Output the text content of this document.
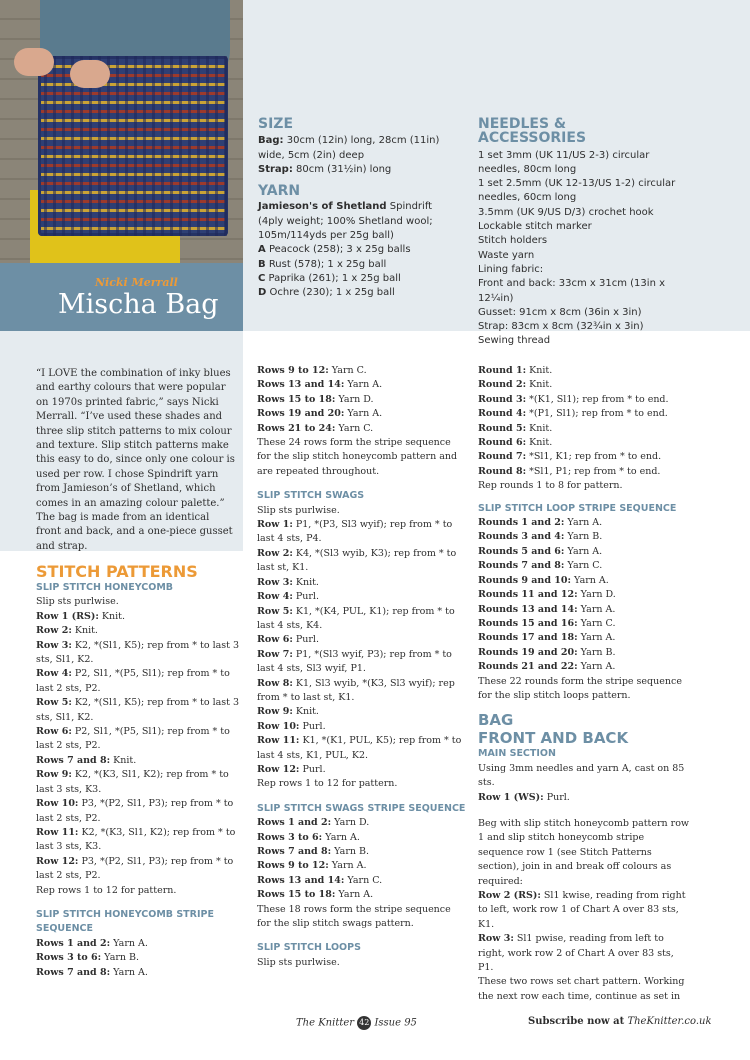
Nicki Merrall
Mischa Bag
SIZE
Bag: 30cm (12in) long, 28cm (11in) wide, 5cm (2in) deep
Strap: 80cm (31½in) long
YARN
Jamieson's of Shetland Spindrift (4ply weight; 100% Shetland wool; 105m/114yds per 25g ball)
A Peacock (258); 3 x 25g balls
B Rust (578); 1 x 25g ball
C Paprika (261); 1 x 25g ball
D Ochre (230); 1 x 25g ball
NEEDLES & ACCESSORIES
1 set 3mm (UK 11/US 2-3) circular needles, 80cm long
1 set 2.5mm (UK 12-13/US 1-2) circular needles, 60cm long
3.5mm (UK 9/US D/3) crochet hook
Lockable stitch marker
Stitch holders
Waste yarn
Lining fabric:
Front and back: 33cm x 31cm (13in x 12¼in)
Gusset: 91cm x 8cm (36in x 3in)
Strap: 83cm x 8cm (32¾in x 3in)
Sewing thread
“I LOVE the combination of inky blues and earthy colours that were popular on 1970s printed fabric,” says Nicki Merrall. “I’ve used these shades and three slip stitch patterns to mix colour and texture. Slip stitch patterns make this easy to do, since only one colour is used per row. I chose Spindrift yarn from Jamieson’s of Shetland, which comes in an amazing colour palette.” The bag is made from an identical front and back, and a one-piece gusset and strap.
STITCH PATTERNS
SLIP STITCH HONEYCOMB

Slip sts purlwise.

Row 1 (RS): Knit.

Row 2: Knit.

Row 3: K2, *(Sl1, K5); rep from * to last 3 sts, Sl1, K2.

Row 4: P2, Sl1, *(P5, Sl1); rep from * to last 2 sts, P2.

Row 5: K2, *(Sl1, K5); rep from * to last 3 sts, Sl1, K2.

Row 6: P2, Sl1, *(P5, Sl1); rep from * to last 2 sts, P2.

Rows 7 and 8: Knit.

Row 9: K2, *(K3, Sl1, K2); rep from * to last 3 sts, K3.

Row 10: P3, *(P2, Sl1, P3); rep from * to last 2 sts, P2.

Row 11: K2, *(K3, Sl1, K2); rep from * to last 3 sts, K3.

Row 12: P3, *(P2, Sl1, P3); rep from * to last 2 sts, P2.

Rep rows 1 to 12 for pattern.

SLIP STITCH HONEYCOMB STRIPE SEQUENCE

Rows 1 and 2: Yarn A.

Rows 3 to 6: Yarn B.

Rows 7 and 8: Yarn A.

Rows 9 to 12: Yarn C.

Rows 13 and 14: Yarn A.

Rows 15 to 18: Yarn D.

Rows 19 and 20: Yarn A.

Rows 21 to 24: Yarn C.

These 24 rows form the stripe sequence for the slip stitch honeycomb pattern and are repeated throughout.

SLIP STITCH SWAGS

Slip sts purlwise.

Row 1: P1, *(P3, Sl3 wyif); rep from * to last 4 sts, P4.

Row 2: K4, *(Sl3 wyib, K3); rep from * to last st, K1.

Row 3: Knit.

Row 4: Purl.

Row 5: K1, *(K4, PUL, K1); rep from * to last 4 sts, K4.

Row 6: Purl.

Row 7: P1, *(Sl3 wyif, P3); rep from * to last 4 sts, Sl3 wyif, P1.

Row 8: K1, Sl3 wyib, *(K3, Sl3 wyif); rep from * to last st, K1.

Row 9: Knit.

Row 10: Purl.

Row 11: K1, *(K1, PUL, K5); rep from * to last 4 sts, K1, PUL, K2.

Row 12: Purl.

Rep rows 1 to 12 for pattern.

SLIP STITCH SWAGS STRIPE SEQUENCE

Rows 1 and 2: Yarn D.

Rows 3 to 6: Yarn A.

Rows 7 and 8: Yarn B.

Rows 9 to 12: Yarn A.

Rows 13 and 14: Yarn C.

Rows 15 to 18: Yarn A.

These 18 rows form the stripe sequence for the slip stitch swags pattern.

SLIP STITCH LOOPS

Slip sts purlwise.

Round 1: Knit.

Round 2: Knit.

Round 3: *(K1, Sl1); rep from * to end.

Round 4: *(P1, Sl1); rep from * to end.

Round 5: Knit.

Round 6: Knit.

Round 7: *Sl1, K1; rep from * to end.

Round 8: *Sl1, P1; rep from * to end.

Rep rounds 1 to 8 for pattern.

SLIP STITCH LOOP STRIPE SEQUENCE

Rounds 1 and 2: Yarn A.

Rounds 3 and 4: Yarn B.

Rounds 5 and 6: Yarn A.

Rounds 7 and 8: Yarn C.

Rounds 9 and 10: Yarn A.

Rounds 11 and 12: Yarn D.

Rounds 13 and 14: Yarn A.

Rounds 15 and 16: Yarn C.

Rounds 17 and 18: Yarn A.

Rounds 19 and 20: Yarn B.

Rounds 21 and 22: Yarn A.

These 22 rounds form the stripe sequence for the slip stitch loops pattern.

BAG
FRONT AND BACK
MAIN SECTION

Using 3mm needles and yarn A, cast on 85 sts.

Row 1 (WS): Purl.

Beg with slip stitch honeycomb pattern row 1 and slip stitch honeycomb stripe sequence row 1 (see Stitch Patterns section), join in and break off colours as required:

Row 2 (RS): Sl1 kwise, reading from right to left, work row 1 of Chart A over 83 sts, K1.

Row 3: Sl1 pwise, reading from left to right, work row 2 of Chart A over 83 sts, P1.

These two rows set chart pattern. Working the next row each time, continue as set in

The Knitter 42 Issue 95	Subscribe now at TheKnitter.co.uk
